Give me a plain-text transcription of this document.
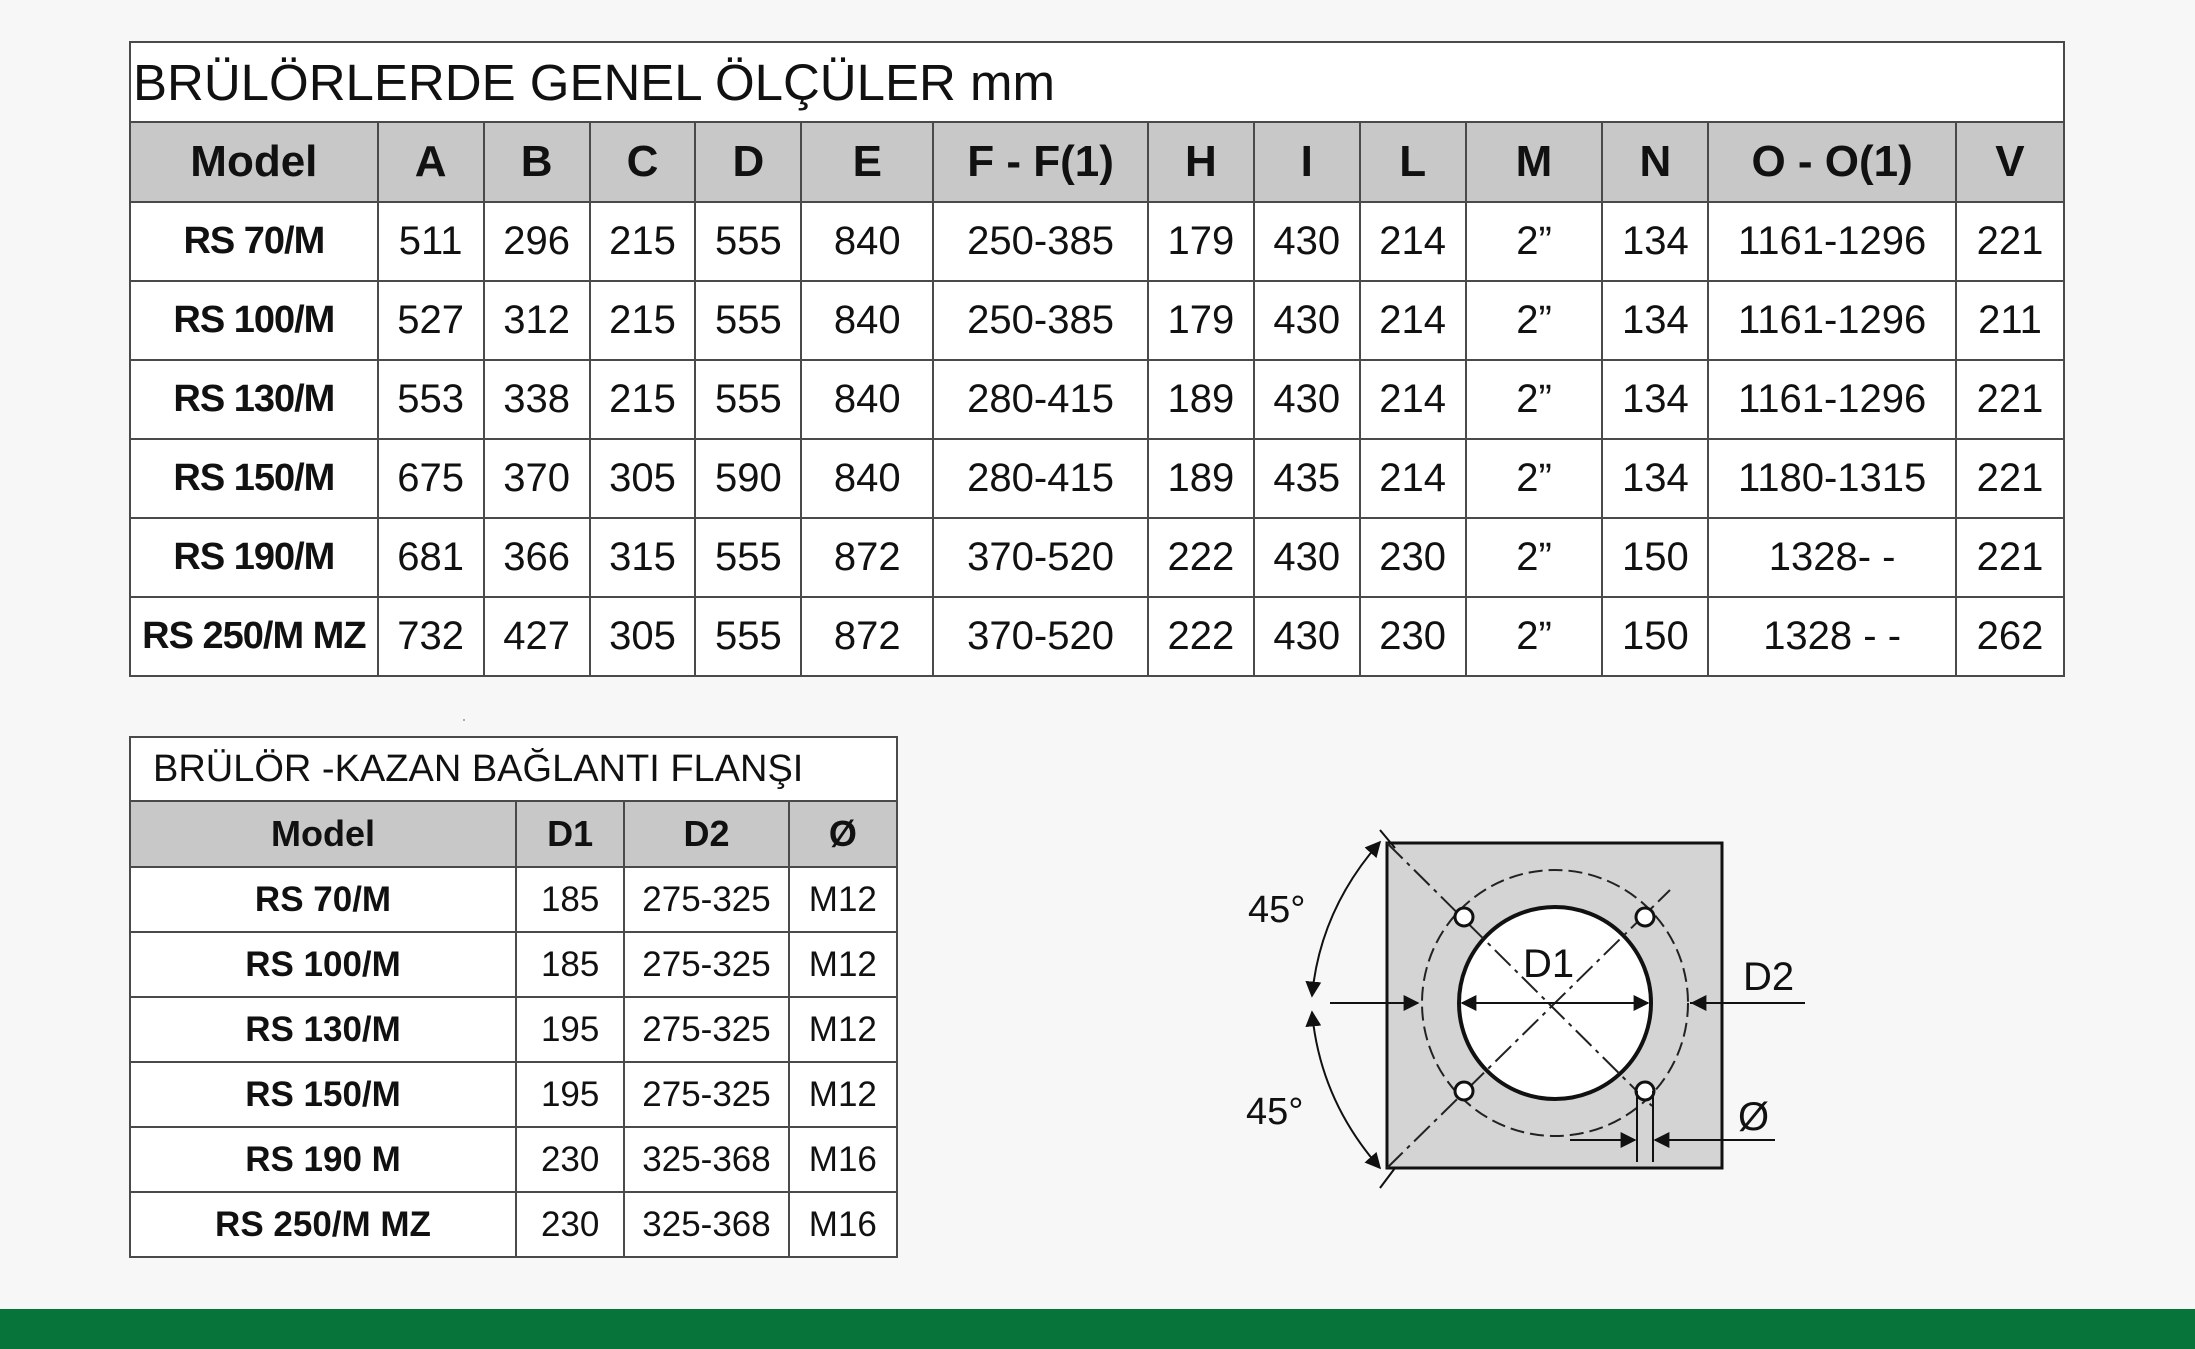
BRÜLÖRLERDE GENEL ÖLÇÜLER mm													
Model	A	B	C	D	E	F - F(1)	H	I	L	M	N	O - O(1)	V
RS 70/M	511	296	215	555	840	250-385	179	430	214	2”	134	1161-1296	221
RS 100/M	527	312	215	555	840	250-385	179	430	214	2”	134	1161-1296	211
RS 130/M	553	338	215	555	840	280-415	189	430	214	2”	134	1161-1296	221
RS 150/M	675	370	305	590	840	280-415	189	435	214	2”	134	1180-1315	221
RS 190/M	681	366	315	555	872	370-520	222	430	230	2”	150	1328- -	221
RS 250/M MZ	732	427	305	555	872	370-520	222	430	230	2”	150	1328 - -	262
BRÜLÖR -KAZAN BAĞLANTI FLANŞI			
Model	D1	D2	Ø
RS 70/M	185	275-325	M12
RS 100/M	185	275-325	M12
RS 130/M	195	275-325	M12
RS 150/M	195	275-325	M12
RS 190 M	230	325-368	M16
RS 250/M MZ	230	325-368	M16
D1	D2
45°
45°	Ø
